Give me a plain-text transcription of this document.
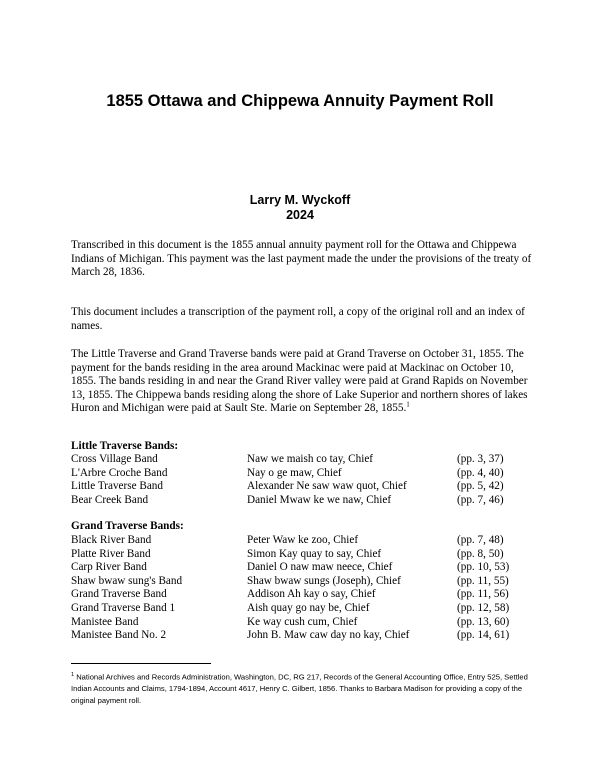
1855 Ottawa and Chippewa Annuity Payment Roll
Larry M. Wyckoff
2024

Transcribed in this document is the 1855 annual annuity payment roll for the Ottawa and Chippewa Indians of Michigan. This payment was the last payment made the under the provisions of the treaty of March 28, 1836.

This document includes a transcription of the payment roll, a copy of the original roll and an index of names.

The Little Traverse and Grand Traverse bands were paid at Grand Traverse on October 31, 1855. The payment for the bands residing in the area around Mackinac were paid at Mackinac on October 10, 1855. The bands residing in and near the Grand River valley were paid at Grand Rapids on November 13, 1855. The Chippewa bands residing along the shore of Lake Superior and northern shores of lakes Huron and Michigan were paid at Sault Ste. Marie on September 28, 1855.$^1$

Little Traverse Bands:
Cross Village Band	Naw we maish co tay, Chief	(pp. 3, 37)
L'Arbre Croche Band	Nay o ge maw, Chief	(pp. 4, 40)
Little Traverse Band	Alexander Ne saw waw quot, Chief	(pp. 5, 42)
Bear Creek Band	Daniel Mwaw ke we naw, Chief	(pp. 7, 46)
Grand Traverse Bands:
Black River Band	Peter Waw ke zoo, Chief	(pp. 7, 48)
Platte River Band	Simon Kay quay to say, Chief	(pp. 8, 50)
Carp River Band	Daniel O naw maw neece, Chief	(pp. 10, 53)
Shaw bwaw sung's Band	Shaw bwaw sungs (Joseph), Chief	(pp. 11, 55)
Grand Traverse Band	Addison Ah kay o say, Chief	(pp. 11, 56)
Grand Traverse Band 1	Aish quay go nay be, Chief	(pp. 12, 58)
Manistee Band	Ke way cush cum, Chief	(pp. 13, 60)
Manistee Band No. 2	John B. Maw caw day no kay, Chief	(pp. 14, 61)

$^1$ National Archives and Records Administration, Washington, DC, RG 217, Records of the General Accounting Office, Entry 525, Settled Indian Accounts and Claims, 1794-1894, Account 4617, Henry C. Gilbert, 1856. Thanks to Barbara Madison for providing a copy of the original payment roll.
